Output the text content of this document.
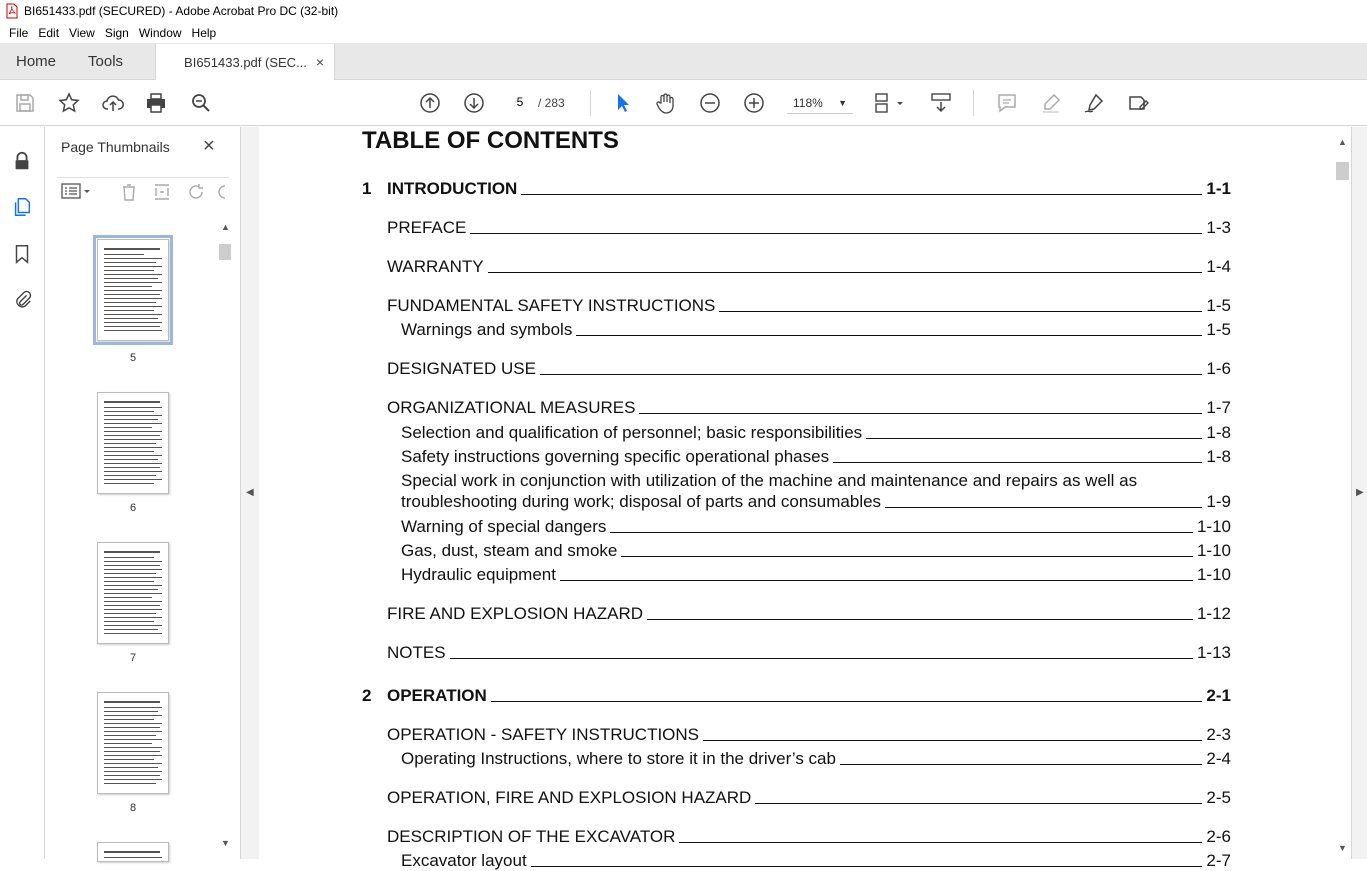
BI651433.pdf (SECURED) - Adobe Acrobat Pro DC (32-bit)
File Edit View Sign Window Help
Home	Tools	BI651433.pdf (SEC... ×
5
/ 283	118% ▼
Page Thumbnails ×
5
6
7
8
▲
▼
◀
TABLE OF CONTENTS
1 INTRODUCTION	1-1
PREFACE	1-3
WARRANTY	1-4
FUNDAMENTAL SAFETY INSTRUCTIONS	1-5
Warnings and symbols	1-5
DESIGNATED USE	1-6
ORGANIZATIONAL MEASURES	1-7
Selection and qualification of personnel; basic responsibilities	1-8
Safety instructions governing specific operational phases	1-8
Special work in conjunction with utilization of the machine and maintenance and repairs as well as
troubleshooting during work; disposal of parts and consumables	1-9
Warning of special dangers	1-10
Gas, dust, steam and smoke	1-10
Hydraulic equipment	1-10
FIRE AND EXPLOSION HAZARD	1-12
NOTES	1-13
2 OPERATION	2-1
OPERATION - SAFETY INSTRUCTIONS	2-3
Operating Instructions, where to store it in the driver’s cab	2-4
OPERATION, FIRE AND EXPLOSION HAZARD	2-5
DESCRIPTION OF THE EXCAVATOR	2-6
Excavator layout	2-7
▲
▼
▶
